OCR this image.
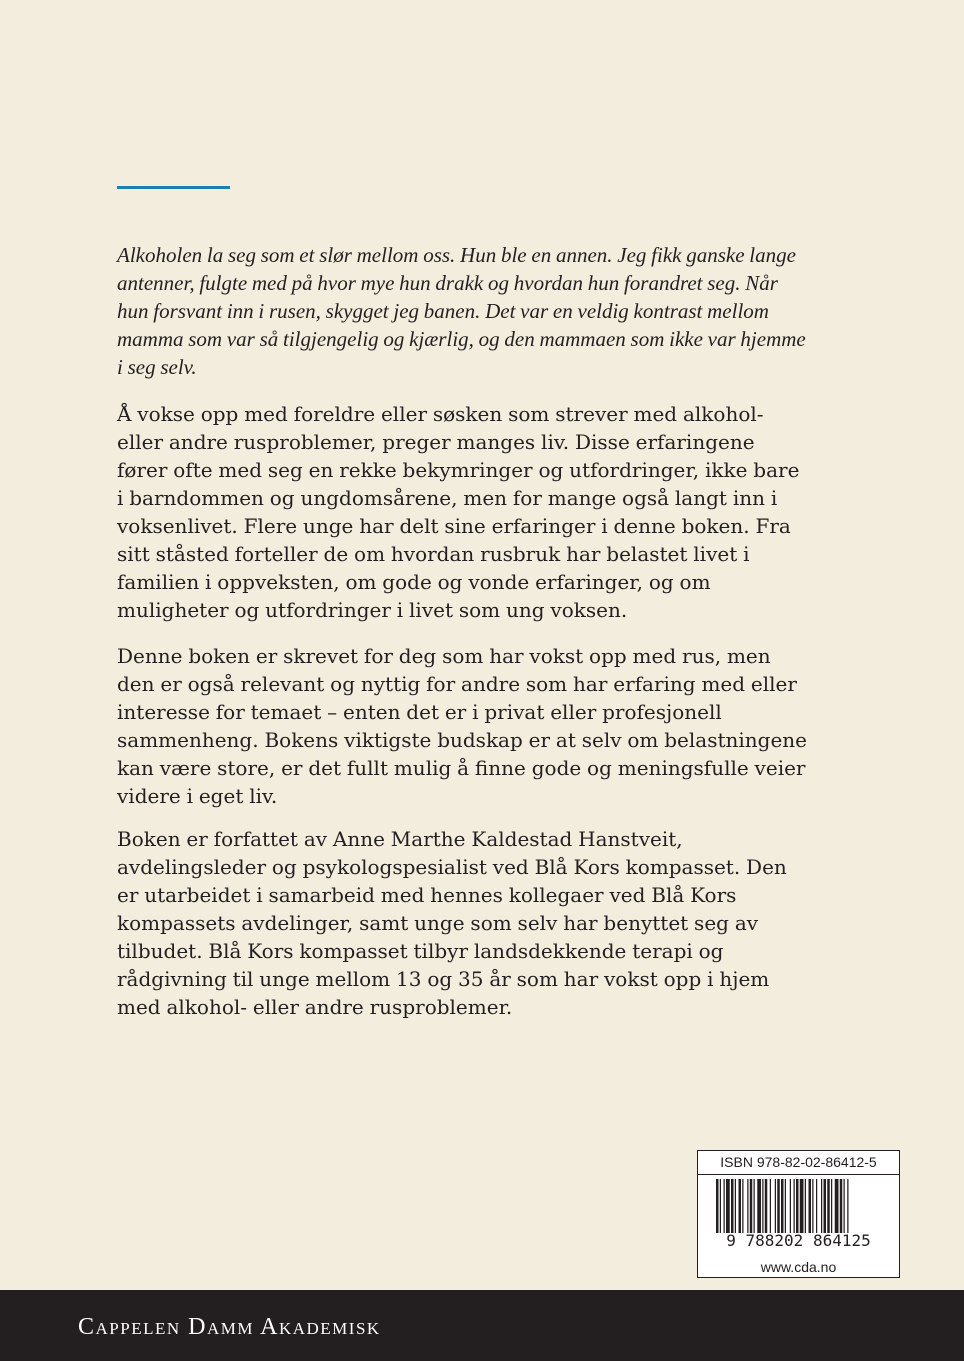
Alkoholen la seg som et slør mellom oss. Hun ble en annen. Jeg fikk ganske lange antenner, fulgte med på hvor mye hun drakk og hvordan hun forandret seg. Når hun forsvant inn i rusen, skygget jeg banen. Det var en veldig kontrast mellom mamma som var så tilgjengelig og kjærlig, og den mammaen som ikke var hjemme i seg selv.

Å vokse opp med foreldre eller søsken som strever med alkohol- eller andre rusproblemer, preger manges liv. Disse erfaringene fører ofte med seg en rekke bekymringer og utfordringer, ikke bare i barndommen og ungdomsårene, men for mange også langt inn i voksenlivet. Flere unge har delt sine erfaringer i denne boken. Fra sitt ståsted forteller de om hvordan rusbruk har belastet livet i familien i oppveksten, om gode og vonde erfaringer, og om muligheter og utfordringer i livet som ung voksen.

Denne boken er skrevet for deg som har vokst opp med rus, men den er også relevant og nyttig for andre som har erfaring med eller interesse for temaet – enten det er i privat eller profesjonell sammenheng. Bokens viktigste budskap er at selv om belastningene kan være store, er det fullt mulig å finne gode og meningsfulle veier videre i eget liv.

Boken er forfattet av Anne Marthe Kaldestad Hanstveit, avdelingsleder og psykologspesialist ved Blå Kors kompasset. Den er utarbeidet i samarbeid med hennes kollegaer ved Blå Kors kompassets avdelinger, samt unge som selv har benyttet seg av tilbudet. Blå Kors kompasset tilbyr landsdekkende terapi og rådgivning til unge mellom 13 og 35 år som har vokst opp i hjem med alkohol- eller andre rusproblemer.

ISBN 978-82-02-86412-5
9 788202 864125
www.cda.no
Cappelen Damm Akademisk
